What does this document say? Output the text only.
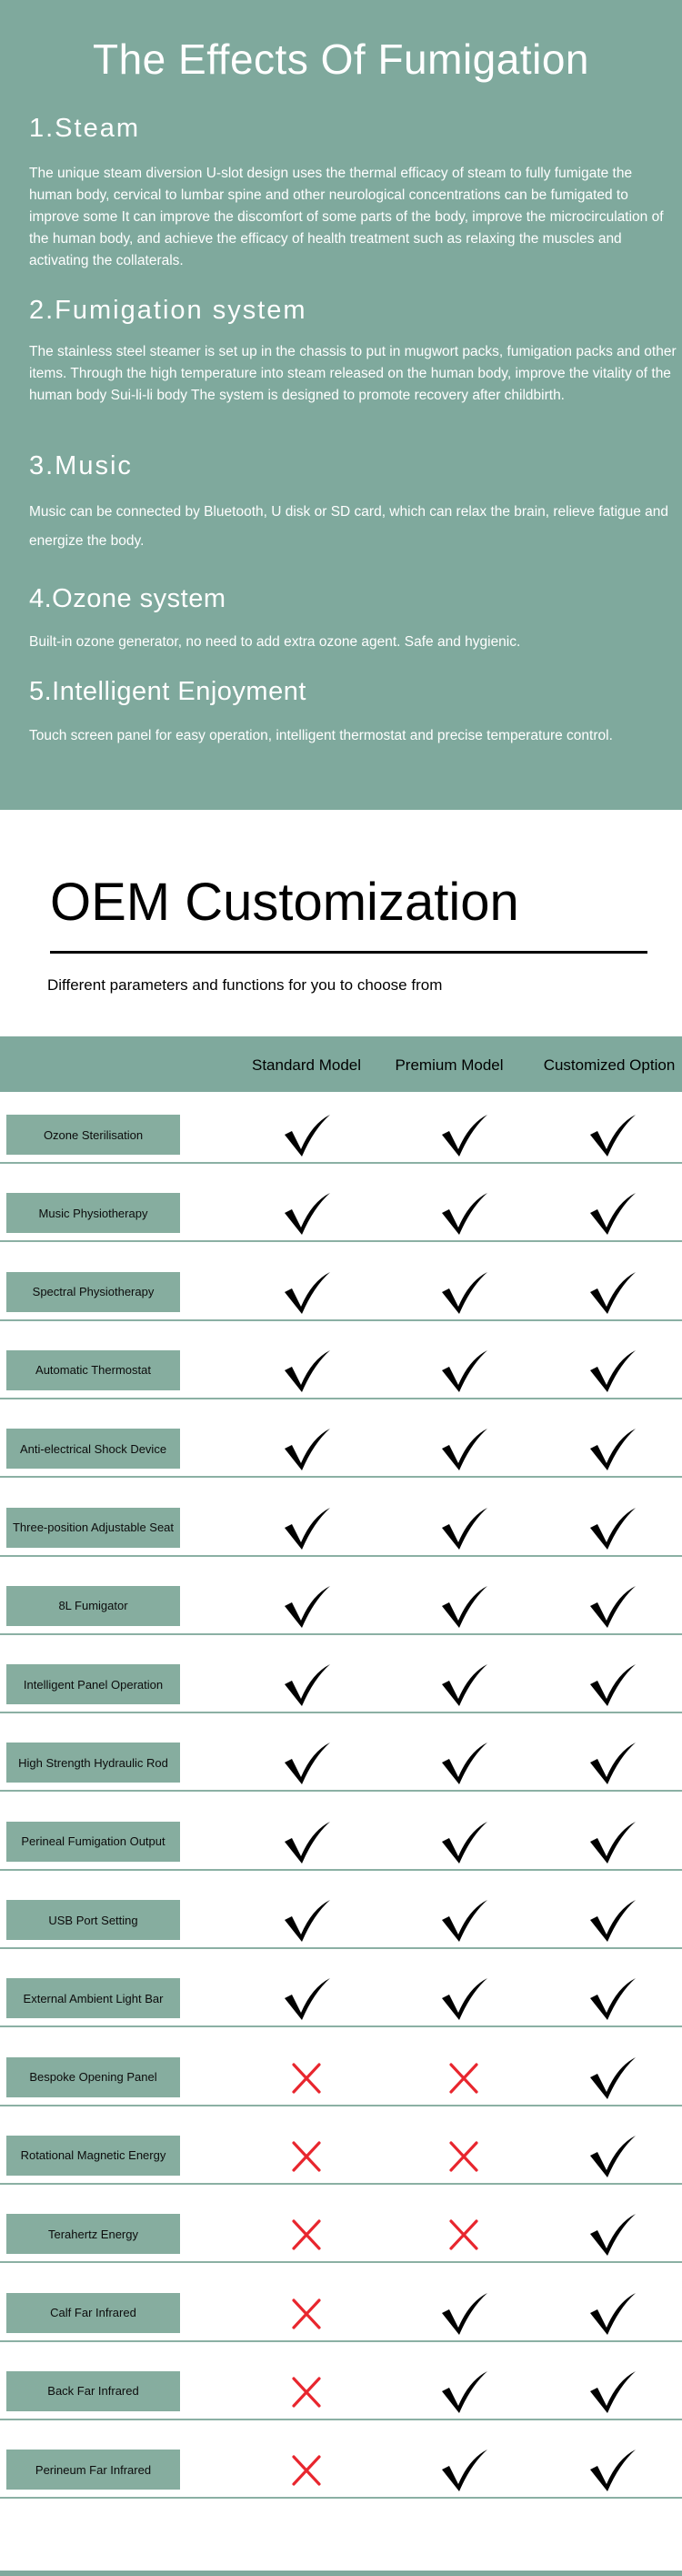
The Effects Of Fumigation
1.Steam

The unique steam diversion U-slot design uses the thermal efficacy of steam to fully fumigate the human body, cervical to lumbar spine and other neurological concentrations can be fumigated to improve some It can improve the discomfort of some parts of the body, improve the microcirculation of the human body, and achieve the efficacy of health treatment such as relaxing the muscles and activating the collaterals.

2.Fumigation system

The stainless steel steamer is set up in the chassis to put in mugwort packs, fumigation packs and other items. Through the high temperature into steam released on the human body, improve the vitality of the human body Sui-li-li body The system is designed to promote recovery after childbirth.

3.Music

Music can be connected by Bluetooth, U disk or SD card, which can relax the brain, relieve fatigue and energize the body.

4.Ozone system

Built-in ozone generator, no need to add extra ozone agent. Safe and hygienic.

5.Intelligent Enjoyment

Touch screen panel for easy operation, intelligent thermostat and precise temperature control.

OEM Customization

Different parameters and functions for you to choose from

Standard Model	Premium Model	Customized Option
Ozone Sterilisation
Music Physiotherapy
Spectral Physiotherapy
Automatic Thermostat
Anti-electrical Shock Device
Three-position Adjustable Seat
8L Fumigator
Intelligent Panel Operation
High Strength Hydraulic Rod
Perineal Fumigation Output
USB Port Setting
External Ambient Light Bar
Bespoke Opening Panel
Rotational Magnetic Energy
Terahertz Energy
Calf Far Infrared
Back Far Infrared
Perineum Far Infrared
